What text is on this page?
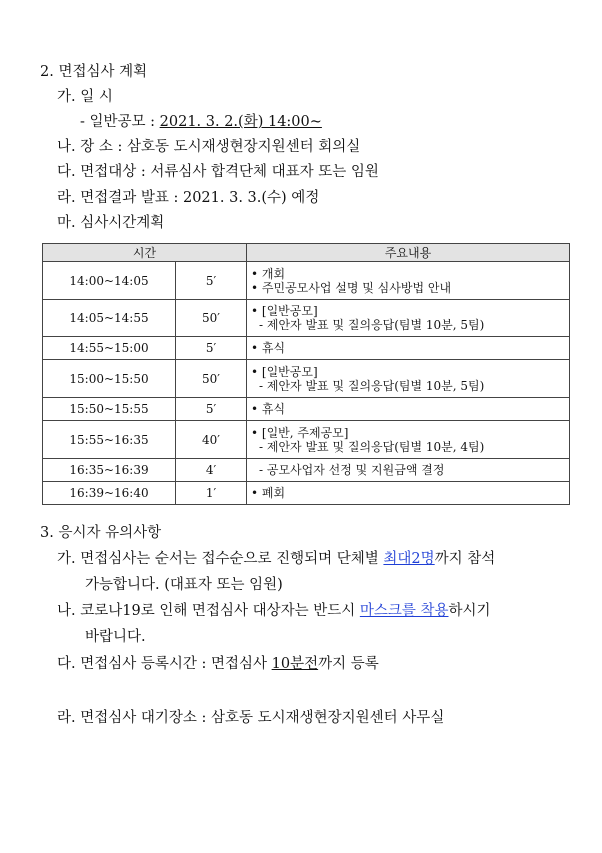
2. 면접심사 계획
가. 일 시
- 일반공모 : 2021. 3. 2.(화) 14:00~
나. 장 소 : 삼호동 도시재생현장지원센터 회의실
다. 면접대상 : 서류심사 합격단체 대표자 또는 임원
라. 면접결과 발표 : 2021. 3. 3.(수) 예정
마. 심사시간계획
시간		주요내용
14:00~14:05	5′	• 개회
• 주민공모사업 설명 및 심사방법 안내

14:05~14:55	50′	• [일반공모]
- 제안자 발표 및 질의응답(팀별 10분, 5팀)

14:55~15:00	5′	• 휴식

15:00~15:50	50′	• [일반공모]
- 제안자 발표 및 질의응답(팀별 10분, 5팀)

15:50~15:55	5′	• 휴식

15:55~16:35	40′	• [일반, 주제공모]
- 제안자 발표 및 질의응답(팀별 10분, 4팀)

16:35~16:39	4′	- 공모사업자 선정 및 지원금액 결정

16:39~16:40	1′	• 폐회
3. 응시자 유의사항
가. 면접심사는 순서는 접수순으로 진행되며 단체별 최대2명까지 참석
가능합니다. (대표자 또는 임원)
나. 코로나19로 인해 면접심사 대상자는 반드시 마스크를 착용하시기
바랍니다.
다. 면접심사 등록시간 : 면접심사 10분전까지 등록
라. 면접심사 대기장소 : 삼호동 도시재생현장지원센터 사무실
